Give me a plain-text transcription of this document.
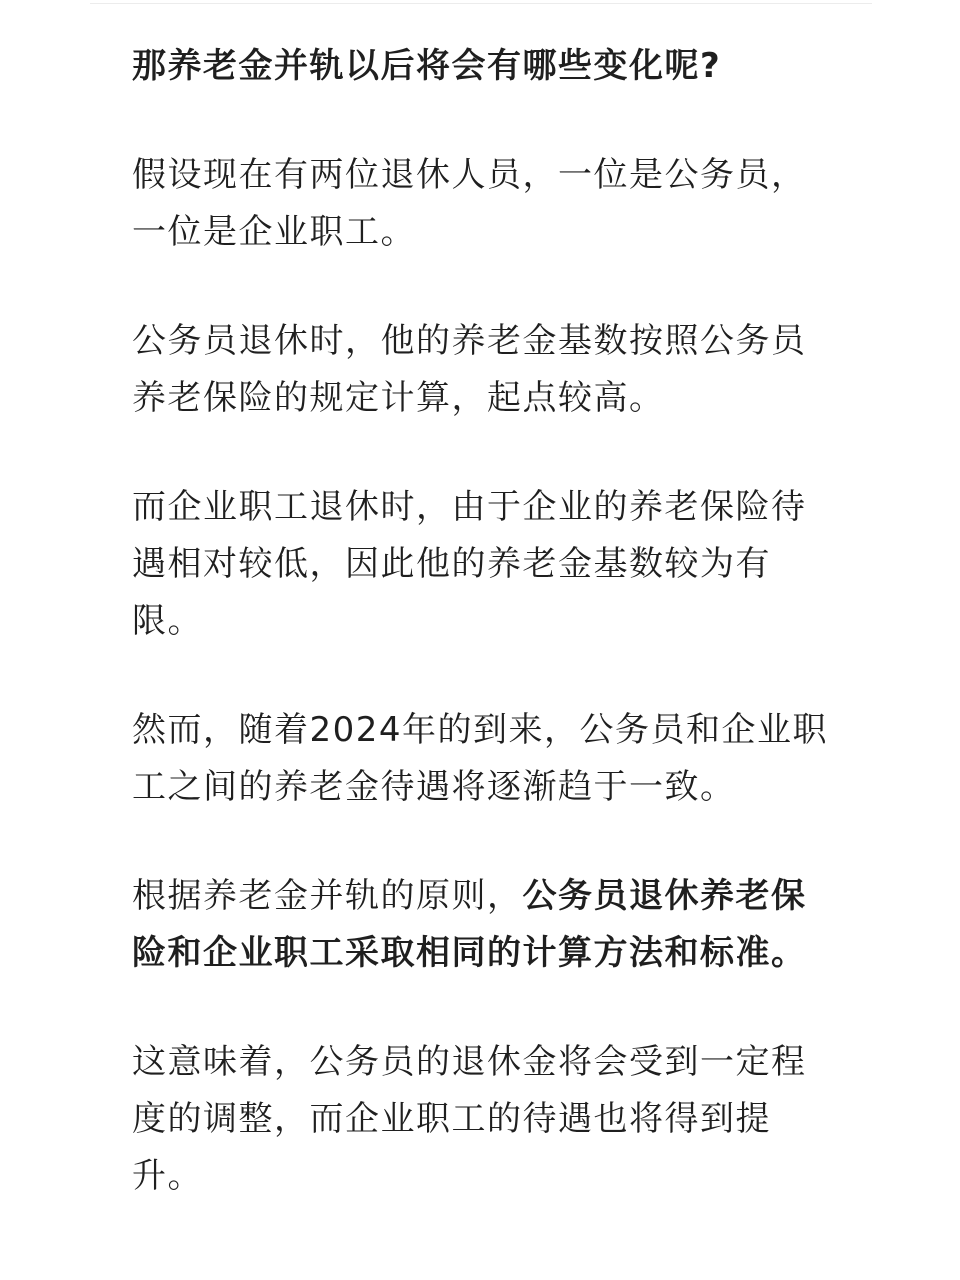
那养老金并轨以后将会有哪些变化呢?

假设现在有两位退休人员，一位是公务员，一位是企业职工。

公务员退休时，他的养老金基数按照公务员养老保险的规定计算，起点较高。

而企业职工退休时，由于企业的养老保险待遇相对较低，因此他的养老金基数较为有限。

然而，随着2024年的到来，公务员和企业职工之间的养老金待遇将逐渐趋于一致。

根据养老金并轨的原则，公务员退休养老保险和企业职工采取相同的计算方法和标准。

这意味着，公务员的退休金将会受到一定程度的调整，而企业职工的待遇也将得到提升。
